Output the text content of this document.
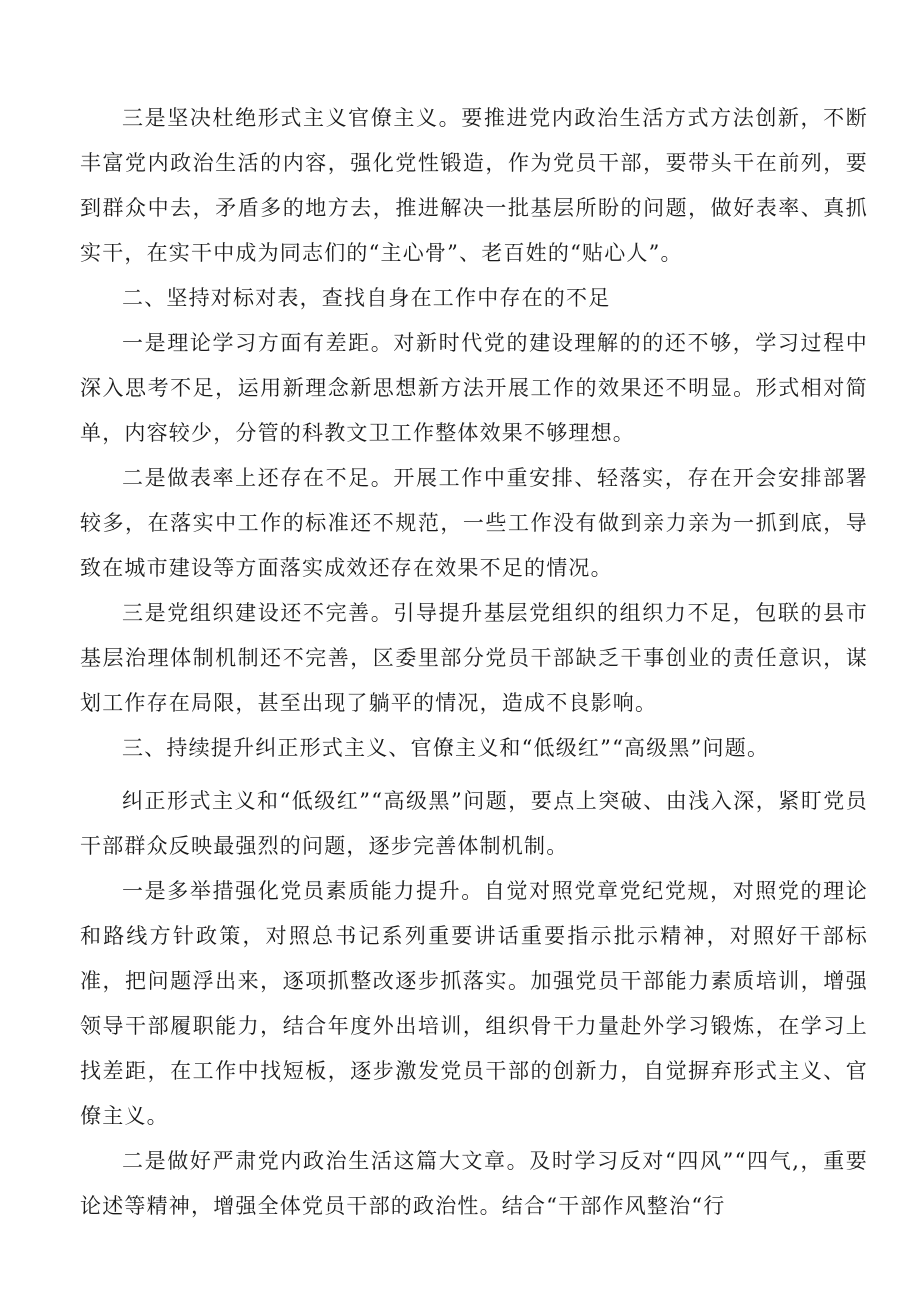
三是坚决杜绝形式主义官僚主义。要推进党内政治生活方式方法创新，不断丰富党内政治生活的内容，强化党性锻造，作为党员干部，要带头干在前列，要到群众中去，矛盾多的地方去，推进解决一批基层所盼的问题，做好表率、真抓实干，在实干中成为同志们的“主心骨”、老百姓的“贴心人”。

二、坚持对标对表，查找自身在工作中存在的不足

一是理论学习方面有差距。对新时代党的建设理解的的还不够，学习过程中深入思考不足，运用新理念新思想新方法开展工作的效果还不明显。形式相对简单，内容较少，分管的科教文卫工作整体效果不够理想。

二是做表率上还存在不足。开展工作中重安排、轻落实，存在开会安排部署较多，在落实中工作的标准还不规范，一些工作没有做到亲力亲为一抓到底，导致在城市建设等方面落实成效还存在效果不足的情况。

三是党组织建设还不完善。引导提升基层党组织的组织力不足，包联的县市基层治理体制机制还不完善，区委里部分党员干部缺乏干事创业的责任意识，谋划工作存在局限，甚至出现了躺平的情况，造成不良影响。

三、持续提升纠正形式主义、官僚主义和“低级红”“高级黑”问题。

纠正形式主义和“低级红”“高级黑”问题，要点上突破、由浅入深，紧盯党员干部群众反映最强烈的问题，逐步完善体制机制。

一是多举措强化党员素质能力提升。自觉对照党章党纪党规，对照党的理论和路线方针政策，对照总书记系列重要讲话重要指示批示精神，对照好干部标准，把问题浮出来，逐项抓整改逐步抓落实。加强党员干部能力素质培训，增强领导干部履职能力，结合年度外出培训，组织骨干力量赴外学习锻炼，在学习上找差距，在工作中找短板，逐步激发党员干部的创新力，自觉摒弃形式主义、官僚主义。

二是做好严肃党内政治生活这篇大文章。及时学习反对“四风”“四气,，重要论述等精神，增强全体党员干部的政治性。结合“干部作风整治“行
